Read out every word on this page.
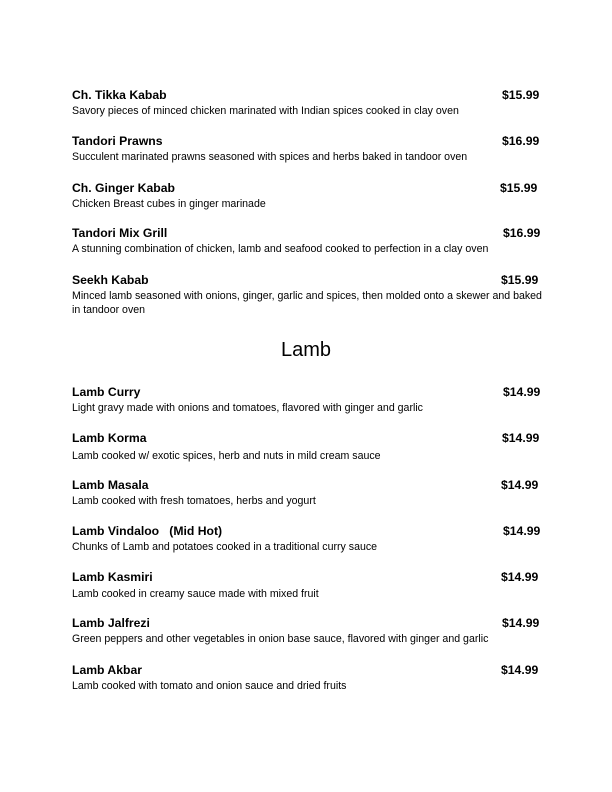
Ch. Tikka Kabab	$15.99
Savory pieces of minced chicken marinated with Indian spices cooked in clay oven
Tandori Prawns	$16.99
Succulent marinated prawns seasoned with spices and herbs baked in tandoor oven
Ch. Ginger Kabab	$15.99
Chicken Breast cubes in ginger marinade
Tandori Mix Grill	$16.99
A stunning combination of chicken, lamb and seafood cooked to perfection in a clay oven
Seekh Kabab	$15.99
Minced lamb seasoned with onions, ginger, garlic and spices, then molded onto a skewer and baked in tandoor oven
Lamb
Lamb Curry	$14.99
Light gravy made with onions and tomatoes, flavored with ginger and garlic
Lamb Korma	$14.99
Lamb cooked w/ exotic spices, herb and nuts in mild cream sauce
Lamb Masala	$14.99
Lamb cooked with fresh tomatoes, herbs and yogurt
Lamb Vindaloo   (Mid Hot)	$14.99
Chunks of Lamb and potatoes cooked in a traditional curry sauce
Lamb Kasmiri	$14.99
Lamb cooked in creamy sauce made with mixed fruit
Lamb Jalfrezi	$14.99
Green peppers and other vegetables in onion base sauce, flavored with ginger and garlic
Lamb Akbar	$14.99
Lamb cooked with tomato and onion sauce and dried fruits
